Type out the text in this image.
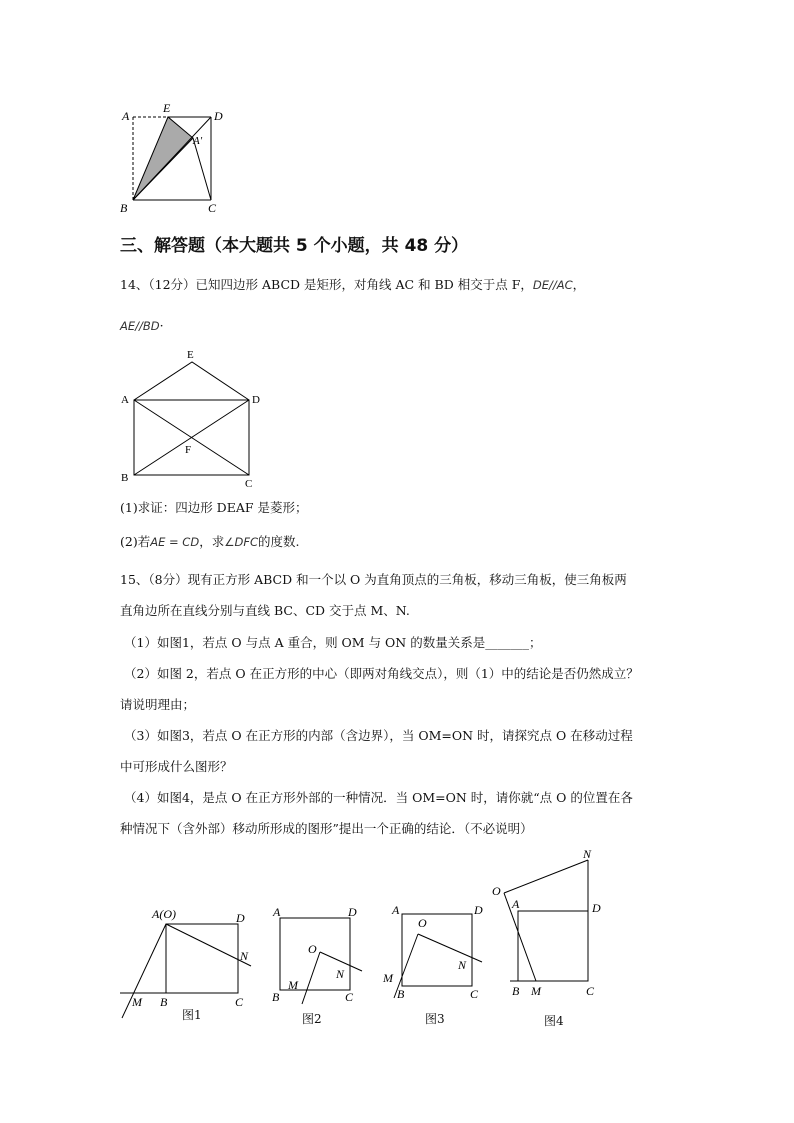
A
E
D
A′
B	C
三、解答题（本大题共 5 个小题，共 48 分）
14、（12分）已知四边形 ABCD 是矩形，对角线 AC 和 BD 相交于点 F，DE//AC，
AE//BD·
E
A	D
F
B	C
(1)求证：四边形 DEAF 是菱形；
(2)若AE = CD，求∠DFC的度数.
15、（8分）现有正方形 ABCD 和一个以 O 为直角顶点的三角板，移动三角板，使三角板两
直角边所在直线分别与直线 BC、CD 交于点 M、N.
（1）如图1，若点 O 与点 A 重合，则 OM 与 ON 的数量关系是_______；
（2）如图 2，若点 O 在正方形的中心（即两对角线交点），则（1）中的结论是否仍然成立？
请说明理由；
（3）如图3，若点 O 在正方形的内部（含边界），当 OM=ON 时，请探究点 O 在移动过程
中可形成什么图形？
（4）如图4，是点 O 在正方形外部的一种情况．当 OM=ON 时，请你就“点 O 的位置在各
种情况下（含外部）移动所形成的图形”提出一个正确的结论．（不必说明）
A(O)	D
N
M B	C
图1
A	D
O
N
M
B	C
图2
A	D
O
N
M
B	C
图3
N
O
A	D
B M	C
图4
